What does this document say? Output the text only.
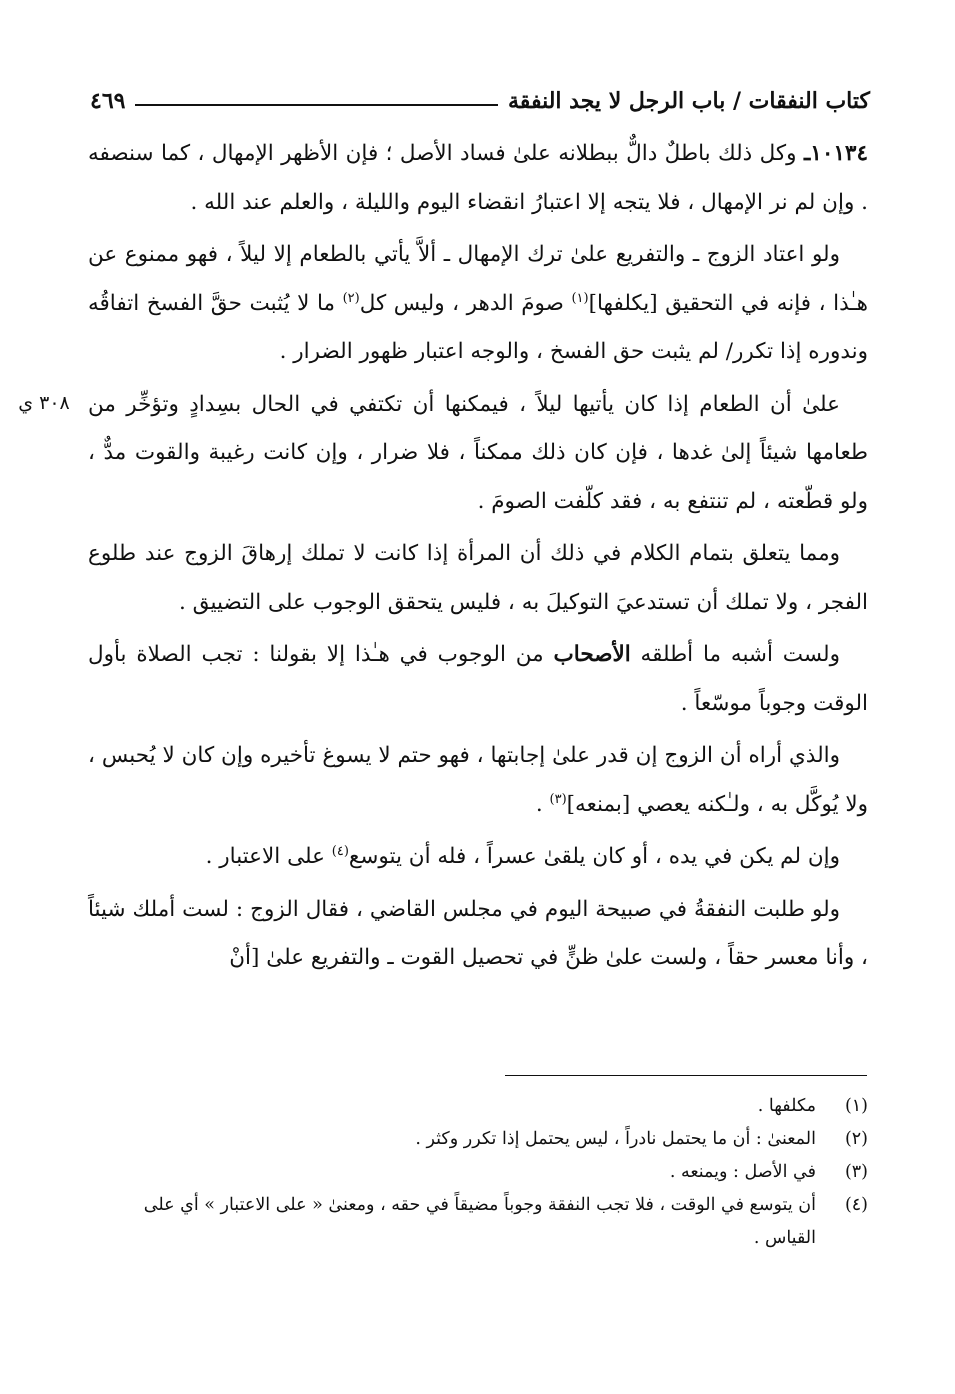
كتاب النفقات / باب الرجل لا يجد النفقة
٤٦٩
٣٠٨ ي

١٠١٣٤ـ وكل ذلك باطلٌ دالٌّ ببطلانه علىٰ فساد الأصل ؛ فإن الأظهر الإمهال ، كما سنصفه . وإن لم نر الإمهال ، فلا يتجه إلا اعتبارُ انقضاء اليوم والليلة ، والعلم عند الله .

ولو اعتاد الزوج ـ والتفريع علىٰ ترك الإمهال ـ ألاَّ يأتي بالطعام إلا ليلاً ، فهو ممنوع عن هـٰذا ، فإنه في التحقيق [يكلفها]$^{(١)}$ صومَ الدهر ، وليس كل$^{(٢)}$ ما لا يُثبت حقَّ الفسخ اتفاقُه وندوره إذا تكرر/ لم يثبت حق الفسخ ، والوجه اعتبار ظهور الضرار .

علىٰ أن الطعام إذا كان يأتيها ليلاً ، فيمكنها أن تكتفي في الحال بسِدادٍ وتؤخِّر من طعامها شيئاً إلىٰ غدها ، فإن كان ذلك ممكناً ، فلا ضرار ، وإن كانت رغيبة والقوت مدٌّ ، ولو قطّعته ، لم تنتفع به ، فقد كلّفت الصومَ .

ومما يتعلق بتمام الكلام في ذلك أن المرأة إذا كانت لا تملك إرهاقَ الزوج عند طلوع الفجر ، ولا تملك أن تستدعيَ التوكيلَ به ، فليس يتحقق الوجوب على التضييق .

ولست أشبه ما أطلقه الأصحاب من الوجوب في هـٰذا إلا بقولنا : تجب الصلاة بأول الوقت وجوباً موسّعاً .

والذي أراه أن الزوج إن قدر علىٰ إجابتها ، فهو حتم لا يسوغ تأخيره وإن كان لا يُحبس ، ولا يُوكَّل به ، ولـٰكنه يعصي [بمنعه]$^{(٣)}$ .

وإن لم يكن في يده ، أو كان يلقىٰ عسراً ، فله أن يتوسع$^{(٤)}$ على الاعتبار .

ولو طلبت النفقةُ في صبيحة اليوم في مجلس القاضي ، فقال الزوج : لست أملك شيئاً ، وأنا معسر حقاً ، ولست علىٰ ظنٍّ في تحصيل القوت ـ والتفريع علىٰ [أنْ

(١)
مكلفها .
(٢)
المعنىٰ : أن ما يحتمل نادراً ، ليس يحتمل إذا تكرر وكثر .
(٣)
في الأصل : ويمنعه .
(٤)
أن يتوسع في الوقت ، فلا تجب النفقة وجوباً مضيقاً في حقه ، ومعنىٰ « على الاعتبار » أي على القياس .
